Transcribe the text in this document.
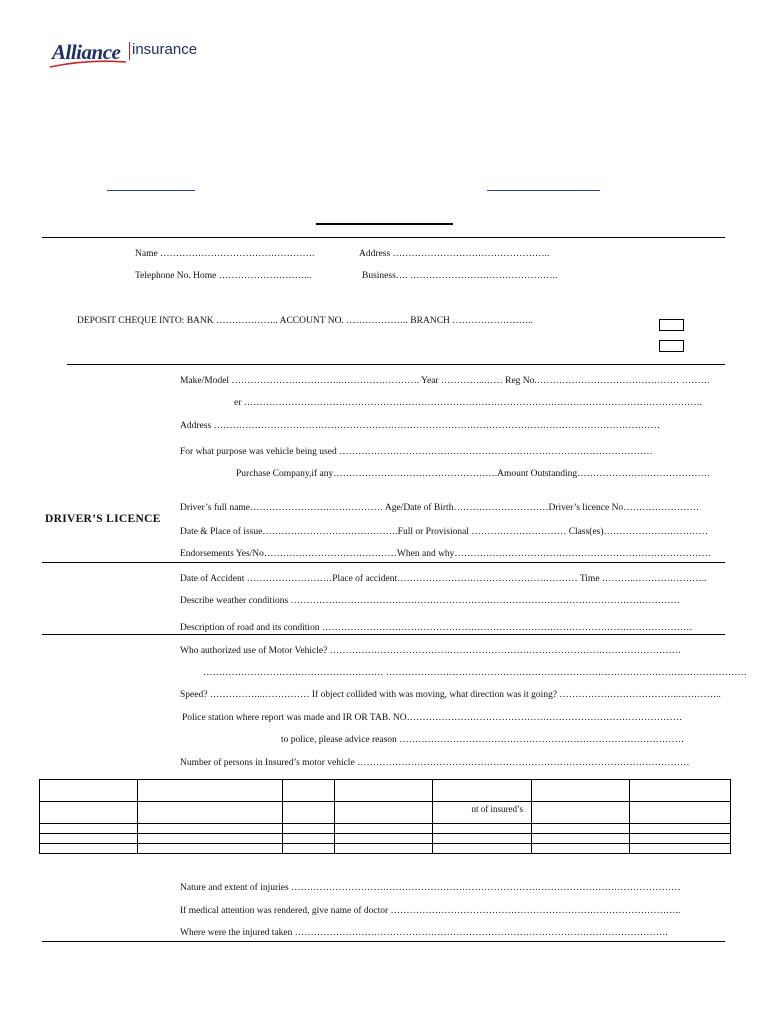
Alliance insurance
Name ………………………………………….	Address …………………………………………..
Telephone No. Home ………………………...	Business…. ………………………………………..
DEPOSIT CHEQUE INTO: BANK ……………….. ACCOUNT NO. ……………….. BRANCH ……………………..
Make/Model ……………………………..……………………. Year …………..…… Reg No.……………………………………… ………
er ……………………………………………………………………………………………………………………………….
Address ……………………………………………………………………………………………………………………………
For what purpose was vehicle being used ………………………………………………………………………………………
Purchase Company,if any…………………………………………….Amount Outstanding……………………………………
DRIVER’S LICENCE
Driver’s full name…………………………………… Age/Date of Birth…………………………Driver’s licence No……………………
Date & Place of issue…………………………………….Full or Provisional ………………………… Class(es)……………………………
Endorsements Yes/No……………………………………When and why………………………………………………………………………
Date of Accident ………………………Place of accident………………………………………………… Time ………..…………………..
Describe weather conditions ……………………………………………………………………………………………………………
Description of road and its condition ………………………………………………………………………………………………………
Who authorized use of Motor Vehicle? …………………………………………………………………………………………………
………………………………………………… ……………………………………………………………………………………………………
Speed? ……………..…………… If object collided with was moving, what direction was it going? ………………………………..…………..
Police station where report was made and IR OR TAB. NO……………………………………………………………………………
to police, please advice reason ………………………………………………………………………………
Number of persons in Insured’s motor vehicle ……………………………………………………………………………………………

				nt of insured’s		

Nature and extent of injuries ……………………………………………………………………………………………………………
If medical attention was rendered, give name of doctor ………………………………………………………………………………..
Where were the injured taken ……………………………………………………………………………………………………….
